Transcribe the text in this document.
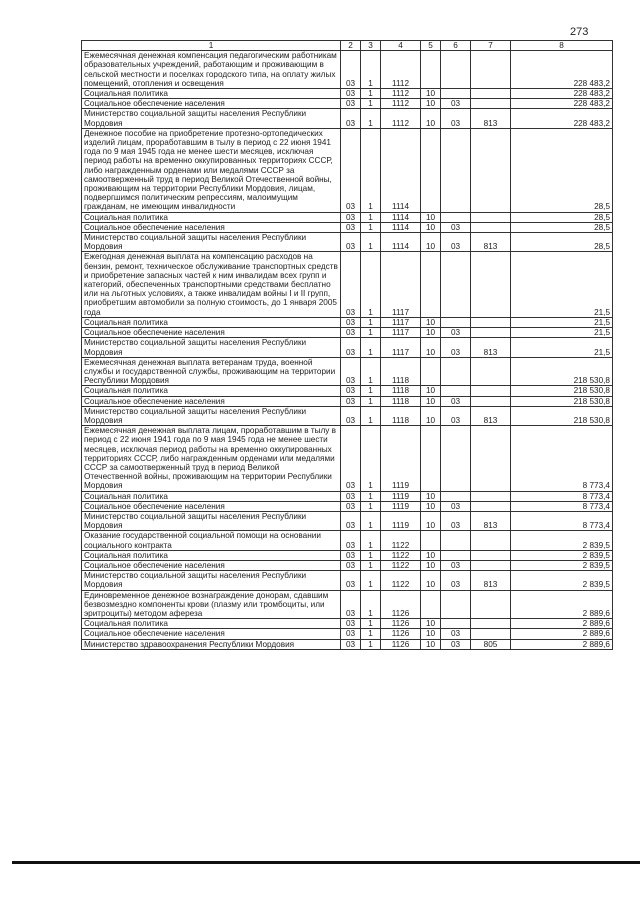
273
1	2	3	4	5	6	7	8
Ежемесячная денежная компенсация педагогическим работникам образовательных учреждений, работающим и проживающим в сельской местности и поселках городского типа, на оплату жилых помещений, отопления и освещения	03	1	1112				228 483,2
Социальная политика	03	1	1112	10			228 483,2
Социальное обеспечение населения	03	1	1112	10	03		228 483,2
Министерство социальной защиты населения Республики Мордовия	03	1	1112	10	03	813	228 483,2
Денежное пособие на приобретение протезно-ортопедических изделий лицам, проработавшим в тылу в период с 22 июня 1941 года по 9 мая 1945 года не менее шести месяцев, исключая период работы на временно оккупированных территориях СССР, либо награжденным орденами или медалями СССР за самоотверженный труд в период Великой Отечественной войны, проживающим на территории Республики Мордовия, лицам, подвергшимся политическим репрессиям, малоимущим гражданам, не имеющим инвалидности	03	1	1114				28,5
Социальная политика	03	1	1114	10			28,5
Социальное обеспечение населения	03	1	1114	10	03		28,5
Министерство социальной защиты населения Республики Мордовия	03	1	1114	10	03	813	28,5
Ежегодная денежная выплата на компенсацию расходов на бензин, ремонт, техническое обслуживание транспортных средств и приобретение запасных частей к ним инвалидам всех групп и категорий, обеспеченных транспортными средствами бесплатно или на льготных условиях, а также инвалидам войны I и II групп, приобретшим автомобили за полную стоимость, до 1 января 2005 года	03	1	1117				21,5
Социальная политика	03	1	1117	10			21,5
Социальное обеспечение населения	03	1	1117	10	03		21,5
Министерство социальной защиты населения Республики Мордовия	03	1	1117	10	03	813	21,5
Ежемесячная денежная выплата ветеранам труда, военной службы и государственной службы, проживающим на территории Республики Мордовия	03	1	1118				218 530,8
Социальная политика	03	1	1118	10			218 530,8
Социальное обеспечение населения	03	1	1118	10	03		218 530,8
Министерство социальной защиты населения Республики Мордовия	03	1	1118	10	03	813	218 530,8
Ежемесячная денежная выплата лицам, проработавшим в тылу в период с 22 июня 1941 года по 9 мая 1945 года не менее шести месяцев, исключая период работы на временно оккупированных территориях СССР, либо награжденным орденами или медалями СССР за самоотверженный труд в период Великой Отечественной войны, проживающим на территории Республики Мордовия	03	1	1119				8 773,4
Социальная политика	03	1	1119	10			8 773,4
Социальное обеспечение населения	03	1	1119	10	03		8 773,4
Министерство социальной защиты населения Республики Мордовия	03	1	1119	10	03	813	8 773,4
Оказание государственной социальной помощи на основании социального контракта	03	1	1122				2 839,5
Социальная политика	03	1	1122	10			2 839,5
Социальное обеспечение населения	03	1	1122	10	03		2 839,5
Министерство социальной защиты населения Республики Мордовия	03	1	1122	10	03	813	2 839,5
Единовременное денежное вознаграждение донорам, сдавшим безвозмездно компоненты крови (плазму или тромбоциты, или эритроциты) методом афереза	03	1	1126				2 889,6
Социальная политика	03	1	1126	10			2 889,6
Социальное обеспечение населения	03	1	1126	10	03		2 889,6
Министерство здравоохранения Республики Мордовия	03	1	1126	10	03	805	2 889,6
